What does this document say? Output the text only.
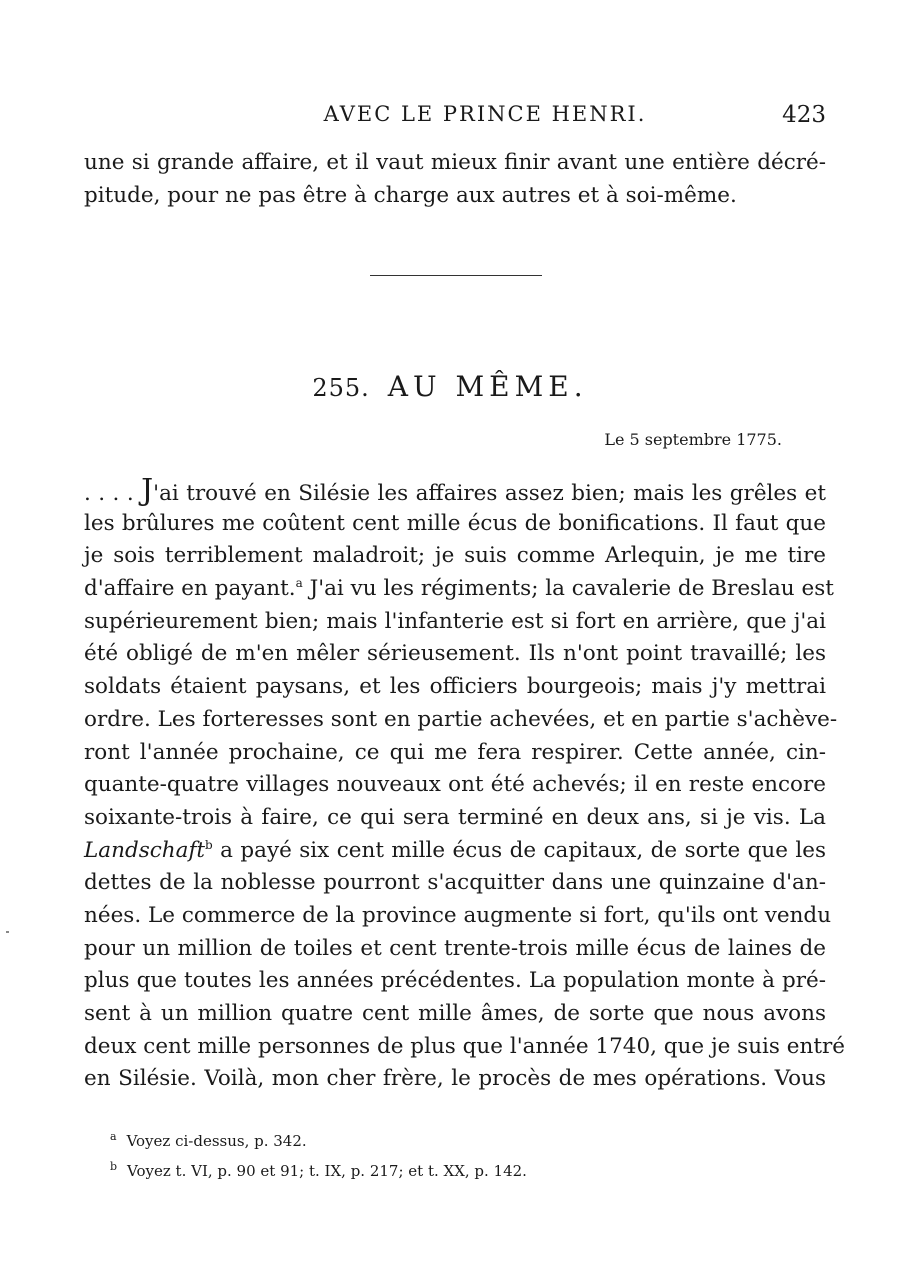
AVEC LE PRINCE HENRI.	423
une si grande affaire, et il vaut mieux finir avant une entière décré-
pitude, pour ne pas être à charge aux autres et à soi-même.
255. AU MÊME.
Le 5 septembre 1775.
. . . . J'ai trouvé en Silésie les affaires assez bien; mais les grêles et
les brûlures me coûtent cent mille écus de bonifications. Il faut que
je sois terriblement maladroit; je suis comme Arlequin, je me tire
d'affaire en payant.$^a$ J'ai vu les régiments; la cavalerie de Breslau est
supérieurement bien; mais l'infanterie est si fort en arrière, que j'ai
été obligé de m'en mêler sérieusement. Ils n'ont point travaillé; les
soldats étaient paysans, et les officiers bourgeois; mais j'y mettrai
ordre. Les forteresses sont en partie achevées, et en partie s'achève-
ront l'année prochaine, ce qui me fera respirer. Cette année, cin-
quante-quatre villages nouveaux ont été achevés; il en reste encore
soixante-trois à faire, ce qui sera terminé en deux ans, si je vis. La
Landschaft$^b$ a payé six cent mille écus de capitaux, de sorte que les
dettes de la noblesse pourront s'acquitter dans une quinzaine d'an-
nées. Le commerce de la province augmente si fort, qu'ils ont vendu
pour un million de toiles et cent trente-trois mille écus de laines de
plus que toutes les années précédentes. La population monte à pré-
sent à un million quatre cent mille âmes, de sorte que nous avons
deux cent mille personnes de plus que l'année 1740, que je suis entré
en Silésie. Voilà, mon cher frère, le procès de mes opérations. Vous
$^a$ Voyez ci-dessus, p. 342.
$^b$ Voyez t. VI, p. 90 et 91; t. IX, p. 217; et t. XX, p. 142.
